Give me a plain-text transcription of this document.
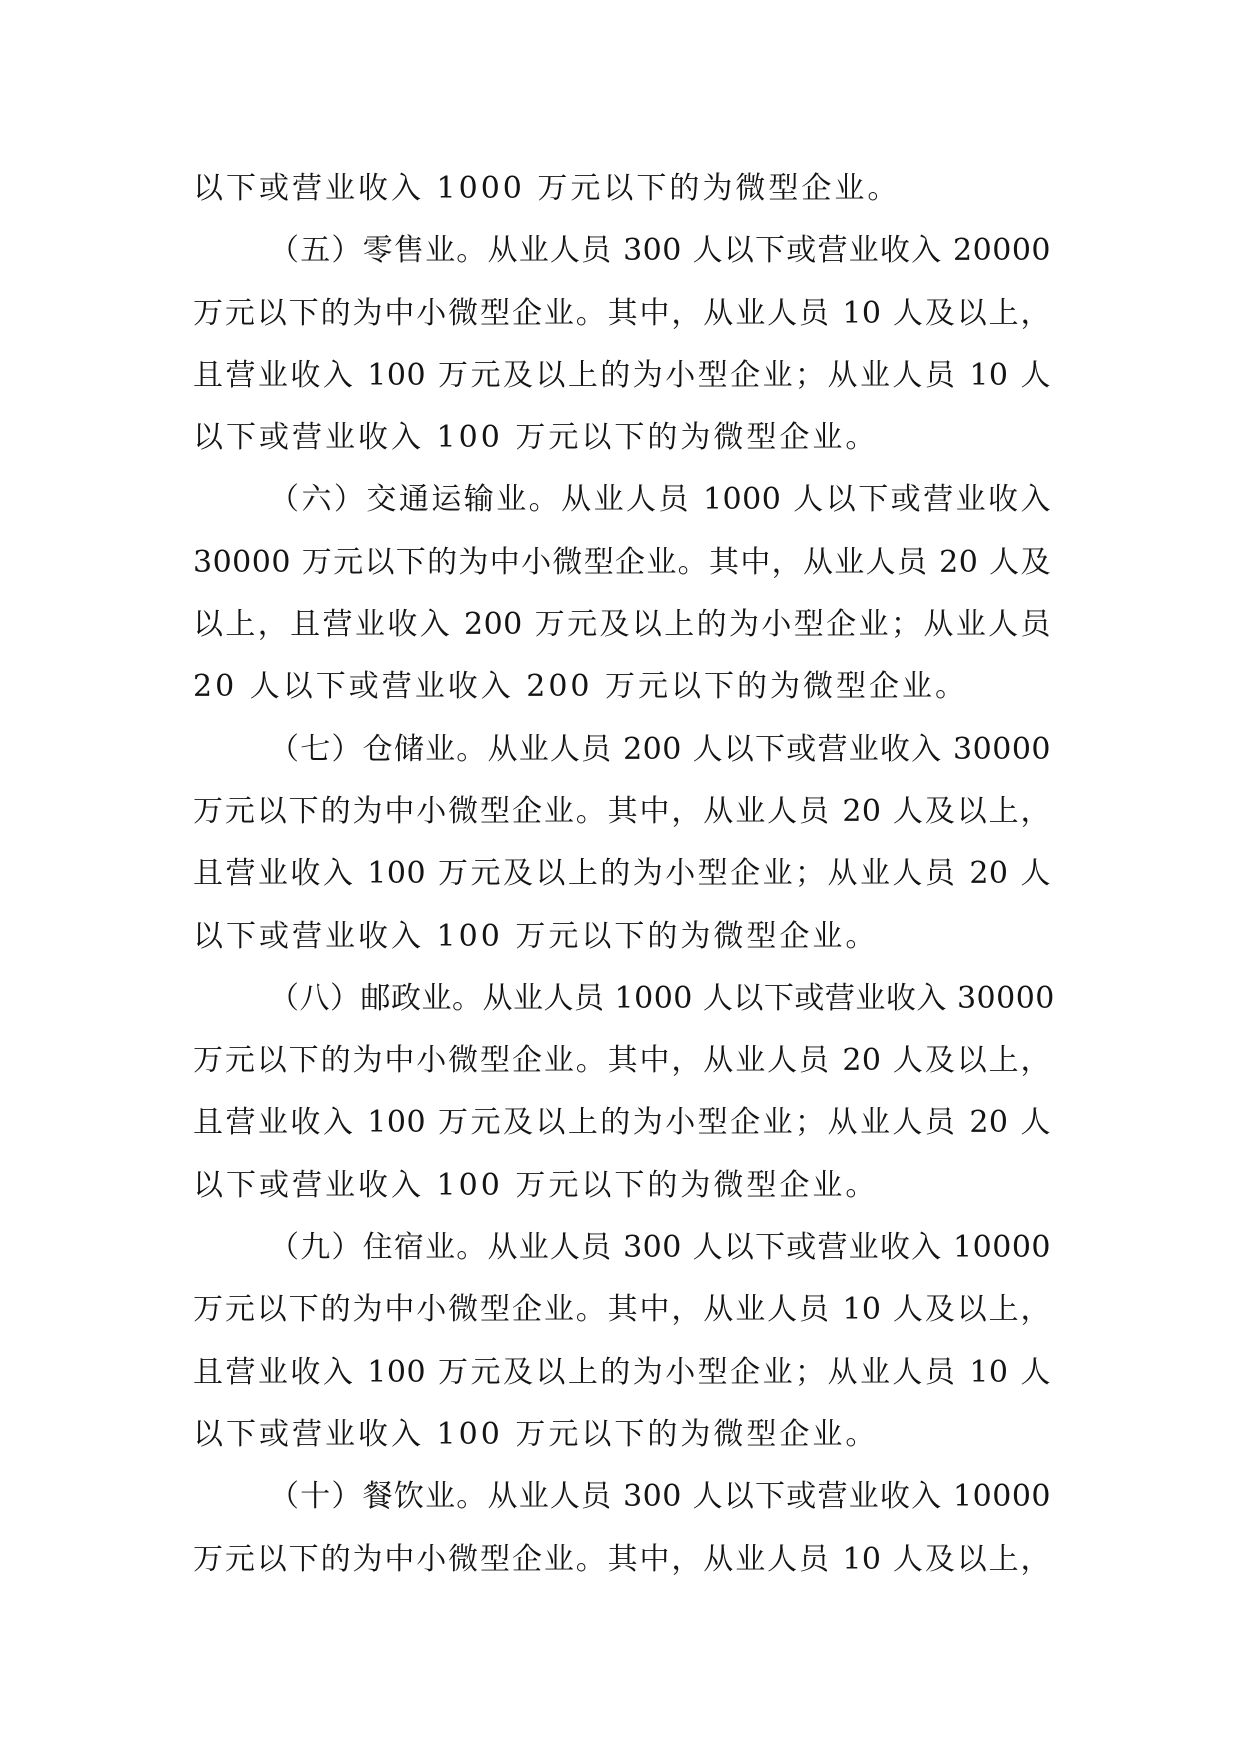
以下或营业收入 1000 万元以下的为微型企业。
（五）零售业。从业人员 300 人以下或营业收入 20000
万元以下的为中小微型企业。其中，从业人员 10 人及以上，
且营业收入 100 万元及以上的为小型企业；从业人员 10 人
以下或营业收入 100 万元以下的为微型企业。
（六）交通运输业。从业人员 1000 人以下或营业收入
30000 万元以下的为中小微型企业。其中，从业人员 20 人及
以上，且营业收入 200 万元及以上的为小型企业；从业人员
20 人以下或营业收入 200 万元以下的为微型企业。
（七）仓储业。从业人员 200 人以下或营业收入 30000
万元以下的为中小微型企业。其中，从业人员 20 人及以上，
且营业收入 100 万元及以上的为小型企业；从业人员 20 人
以下或营业收入 100 万元以下的为微型企业。
（八）邮政业。从业人员 1000 人以下或营业收入 30000
万元以下的为中小微型企业。其中，从业人员 20 人及以上，
且营业收入 100 万元及以上的为小型企业；从业人员 20 人
以下或营业收入 100 万元以下的为微型企业。
（九）住宿业。从业人员 300 人以下或营业收入 10000
万元以下的为中小微型企业。其中，从业人员 10 人及以上，
且营业收入 100 万元及以上的为小型企业；从业人员 10 人
以下或营业收入 100 万元以下的为微型企业。
（十）餐饮业。从业人员 300 人以下或营业收入 10000
万元以下的为中小微型企业。其中，从业人员 10 人及以上，
